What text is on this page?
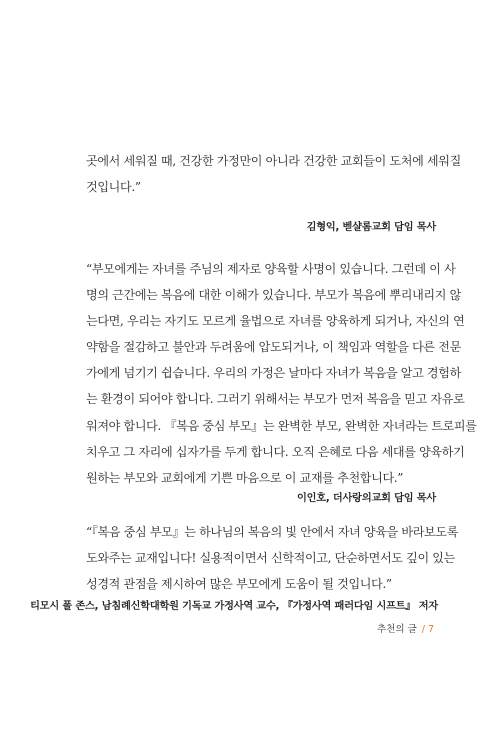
곳에서 세워질 때, 건강한 가정만이 아니라 건강한 교회들이 도처에 세워질
것입니다.”

김형익, 벧샬롬교회 담임 목사

“부모에게는 자녀를 주님의 제자로 양육할 사명이 있습니다. 그런데 이 사
명의 근간에는 복음에 대한 이해가 있습니다. 부모가 복음에 뿌리내리지 않
는다면, 우리는 자기도 모르게 율법으로 자녀를 양육하게 되거나, 자신의 연
약함을 절감하고 불안과 두려움에 압도되거나, 이 책임과 역할을 다른 전문
가에게 넘기기 쉽습니다. 우리의 가정은 날마다 자녀가 복음을 알고 경험하
는 환경이 되어야 합니다. 그러기 위해서는 부모가 먼저 복음을 믿고 자유로
워져야 합니다. 『복음 중심 부모』는 완벽한 부모, 완벽한 자녀라는 트로피를
치우고 그 자리에 십자가를 두게 합니다. 오직 은혜로 다음 세대를 양육하기
원하는 부모와 교회에게 기쁜 마음으로 이 교재를 추천합니다.”

이인호, 더사랑의교회 담임 목사

“『복음 중심 부모』는 하나님의 복음의 빛 안에서 자녀 양육을 바라보도록
도와주는 교재입니다! 실용적이면서 신학적이고, 단순하면서도 깊이 있는
성경적 관점을 제시하여 많은 부모에게 도움이 될 것입니다.”

티모시 폴 존스, 남침례신학대학원 기독교 가정사역 교수, 『가정사역 패러다임 시프트』 저자

추천의 글 / 7
